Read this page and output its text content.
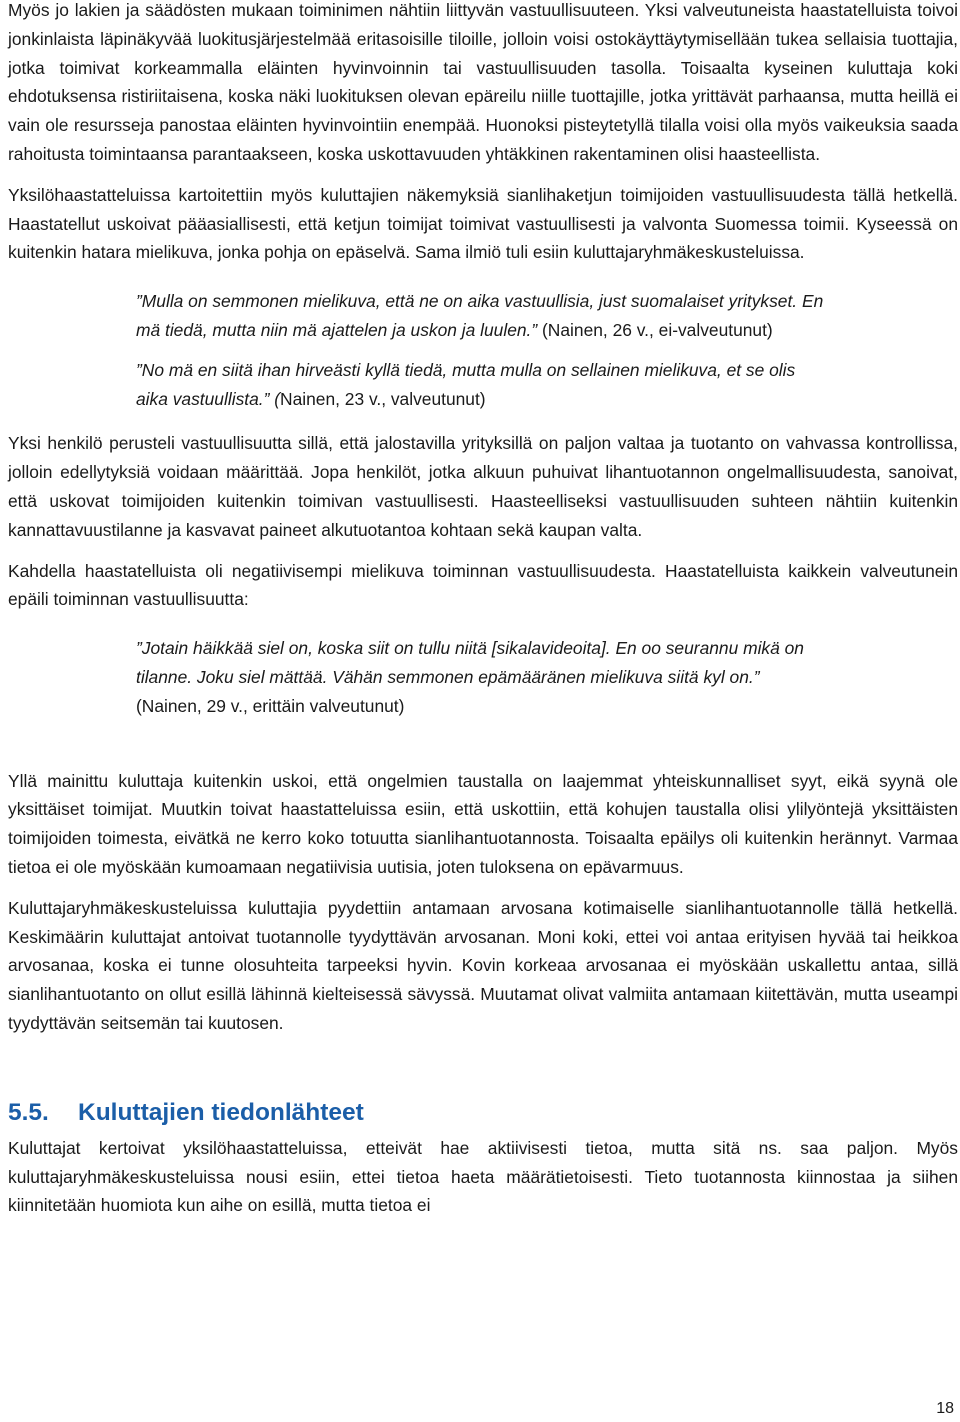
Myös jo lakien ja säädösten mukaan toiminimen nähtiin liittyvän vastuullisuuteen. Yksi valveutuneista haastatelluista toivoi jonkinlaista läpinäkyvää luokitusjärjestelmää eritasoisille tiloille, jolloin voisi ostokäyttäytymisellään tukea sellaisia tuottajia, jotka toimivat korkeammalla eläinten hyvinvoinnin tai vastuullisuuden tasolla. Toisaalta kyseinen kuluttaja koki ehdotuksensa ristiriitaisena, koska näki luokituksen olevan epäreilu niille tuottajille, jotka yrittävät parhaansa, mutta heillä ei vain ole resursseja panostaa eläinten hyvinvointiin enempää. Huonoksi pisteytetyllä tilalla voisi olla myös vaikeuksia saada rahoitusta toimintaansa parantaakseen, koska uskottavuuden yhtäkkinen rakentaminen olisi haasteellista.

Yksilöhaastatteluissa kartoitettiin myös kuluttajien näkemyksiä sianlihaketjun toimijoiden vastuullisuudesta tällä hetkellä. Haastatellut uskoivat pääasiallisesti, että ketjun toimijat toimivat vastuullisesti ja valvonta Suomessa toimii. Kyseessä on kuitenkin hatara mielikuva, jonka pohja on epäselvä. Sama ilmiö tuli esiin kuluttajaryhmäkeskusteluissa.

”Mulla on semmonen mielikuva, että ne on aika vastuullisia, just suomalaiset yritykset. En mä tiedä, mutta niin mä ajattelen ja uskon ja luulen.” (Nainen, 26 v., ei-valveutunut)
”No mä en siitä ihan hirveästi kyllä tiedä, mutta mulla on sellainen mielikuva, et se olis aika vastuullista.” (Nainen, 23 v., valveutunut)

Yksi henkilö perusteli vastuullisuutta sillä, että jalostavilla yrityksillä on paljon valtaa ja tuotanto on vahvassa kontrollissa, jolloin edellytyksiä voidaan määrittää. Jopa henkilöt, jotka alkuun puhuivat lihantuotannon ongelmallisuudesta, sanoivat, että uskovat toimijoiden kuitenkin toimivan vastuullisesti. Haasteelliseksi vastuullisuuden suhteen nähtiin kuitenkin kannattavuustilanne ja kasvavat paineet alkutuotantoa kohtaan sekä kaupan valta.

Kahdella haastatelluista oli negatiivisempi mielikuva toiminnan vastuullisuudesta. Haastatelluista kaikkein valveutunein epäili toiminnan vastuullisuutta:

”Jotain häikkää siel on, koska siit on tullu niitä [sikalavideoita]. En oo seurannu mikä on tilanne. Joku siel mättää. Vähän semmonen epämääränen mielikuva siitä kyl on.” (Nainen, 29 v., erittäin valveutunut)

Yllä mainittu kuluttaja kuitenkin uskoi, että ongelmien taustalla on laajemmat yhteiskunnalliset syyt, eikä syynä ole yksittäiset toimijat. Muutkin toivat haastatteluissa esiin, että uskottiin, että kohujen taustalla olisi ylilyöntejä yksittäisten toimijoiden toimesta, eivätkä ne kerro koko totuutta sianlihantuotannosta. Toisaalta epäilys oli kuitenkin herännyt. Varmaa tietoa ei ole myöskään kumoamaan negatiivisia uutisia, joten tuloksena on epävarmuus.

Kuluttajaryhmäkeskusteluissa kuluttajia pyydettiin antamaan arvosana kotimaiselle sianlihantuotannolle tällä hetkellä. Keskimäärin kuluttajat antoivat tuotannolle tyydyttävän arvosanan. Moni koki, ettei voi antaa erityisen hyvää tai heikkoa arvosanaa, koska ei tunne olosuhteita tarpeeksi hyvin. Kovin korkeaa arvosanaa ei myöskään uskallettu antaa, sillä sianlihantuotanto on ollut esillä lähinnä kielteisessä sävyssä. Muutamat olivat valmiita antamaan kiitettävän, mutta useampi tyydyttävän seitsemän tai kuutosen.

5.5. Kuluttajien tiedonlähteet

Kuluttajat kertoivat yksilöhaastatteluissa, etteivät hae aktiivisesti tietoa, mutta sitä ns. saa paljon. Myös kuluttajaryhmäkeskusteluissa nousi esiin, ettei tietoa haeta määrätietoisesti. Tieto tuotannosta kiinnostaa ja siihen kiinnitetään huomiota kun aihe on esillä, mutta tietoa ei

18
